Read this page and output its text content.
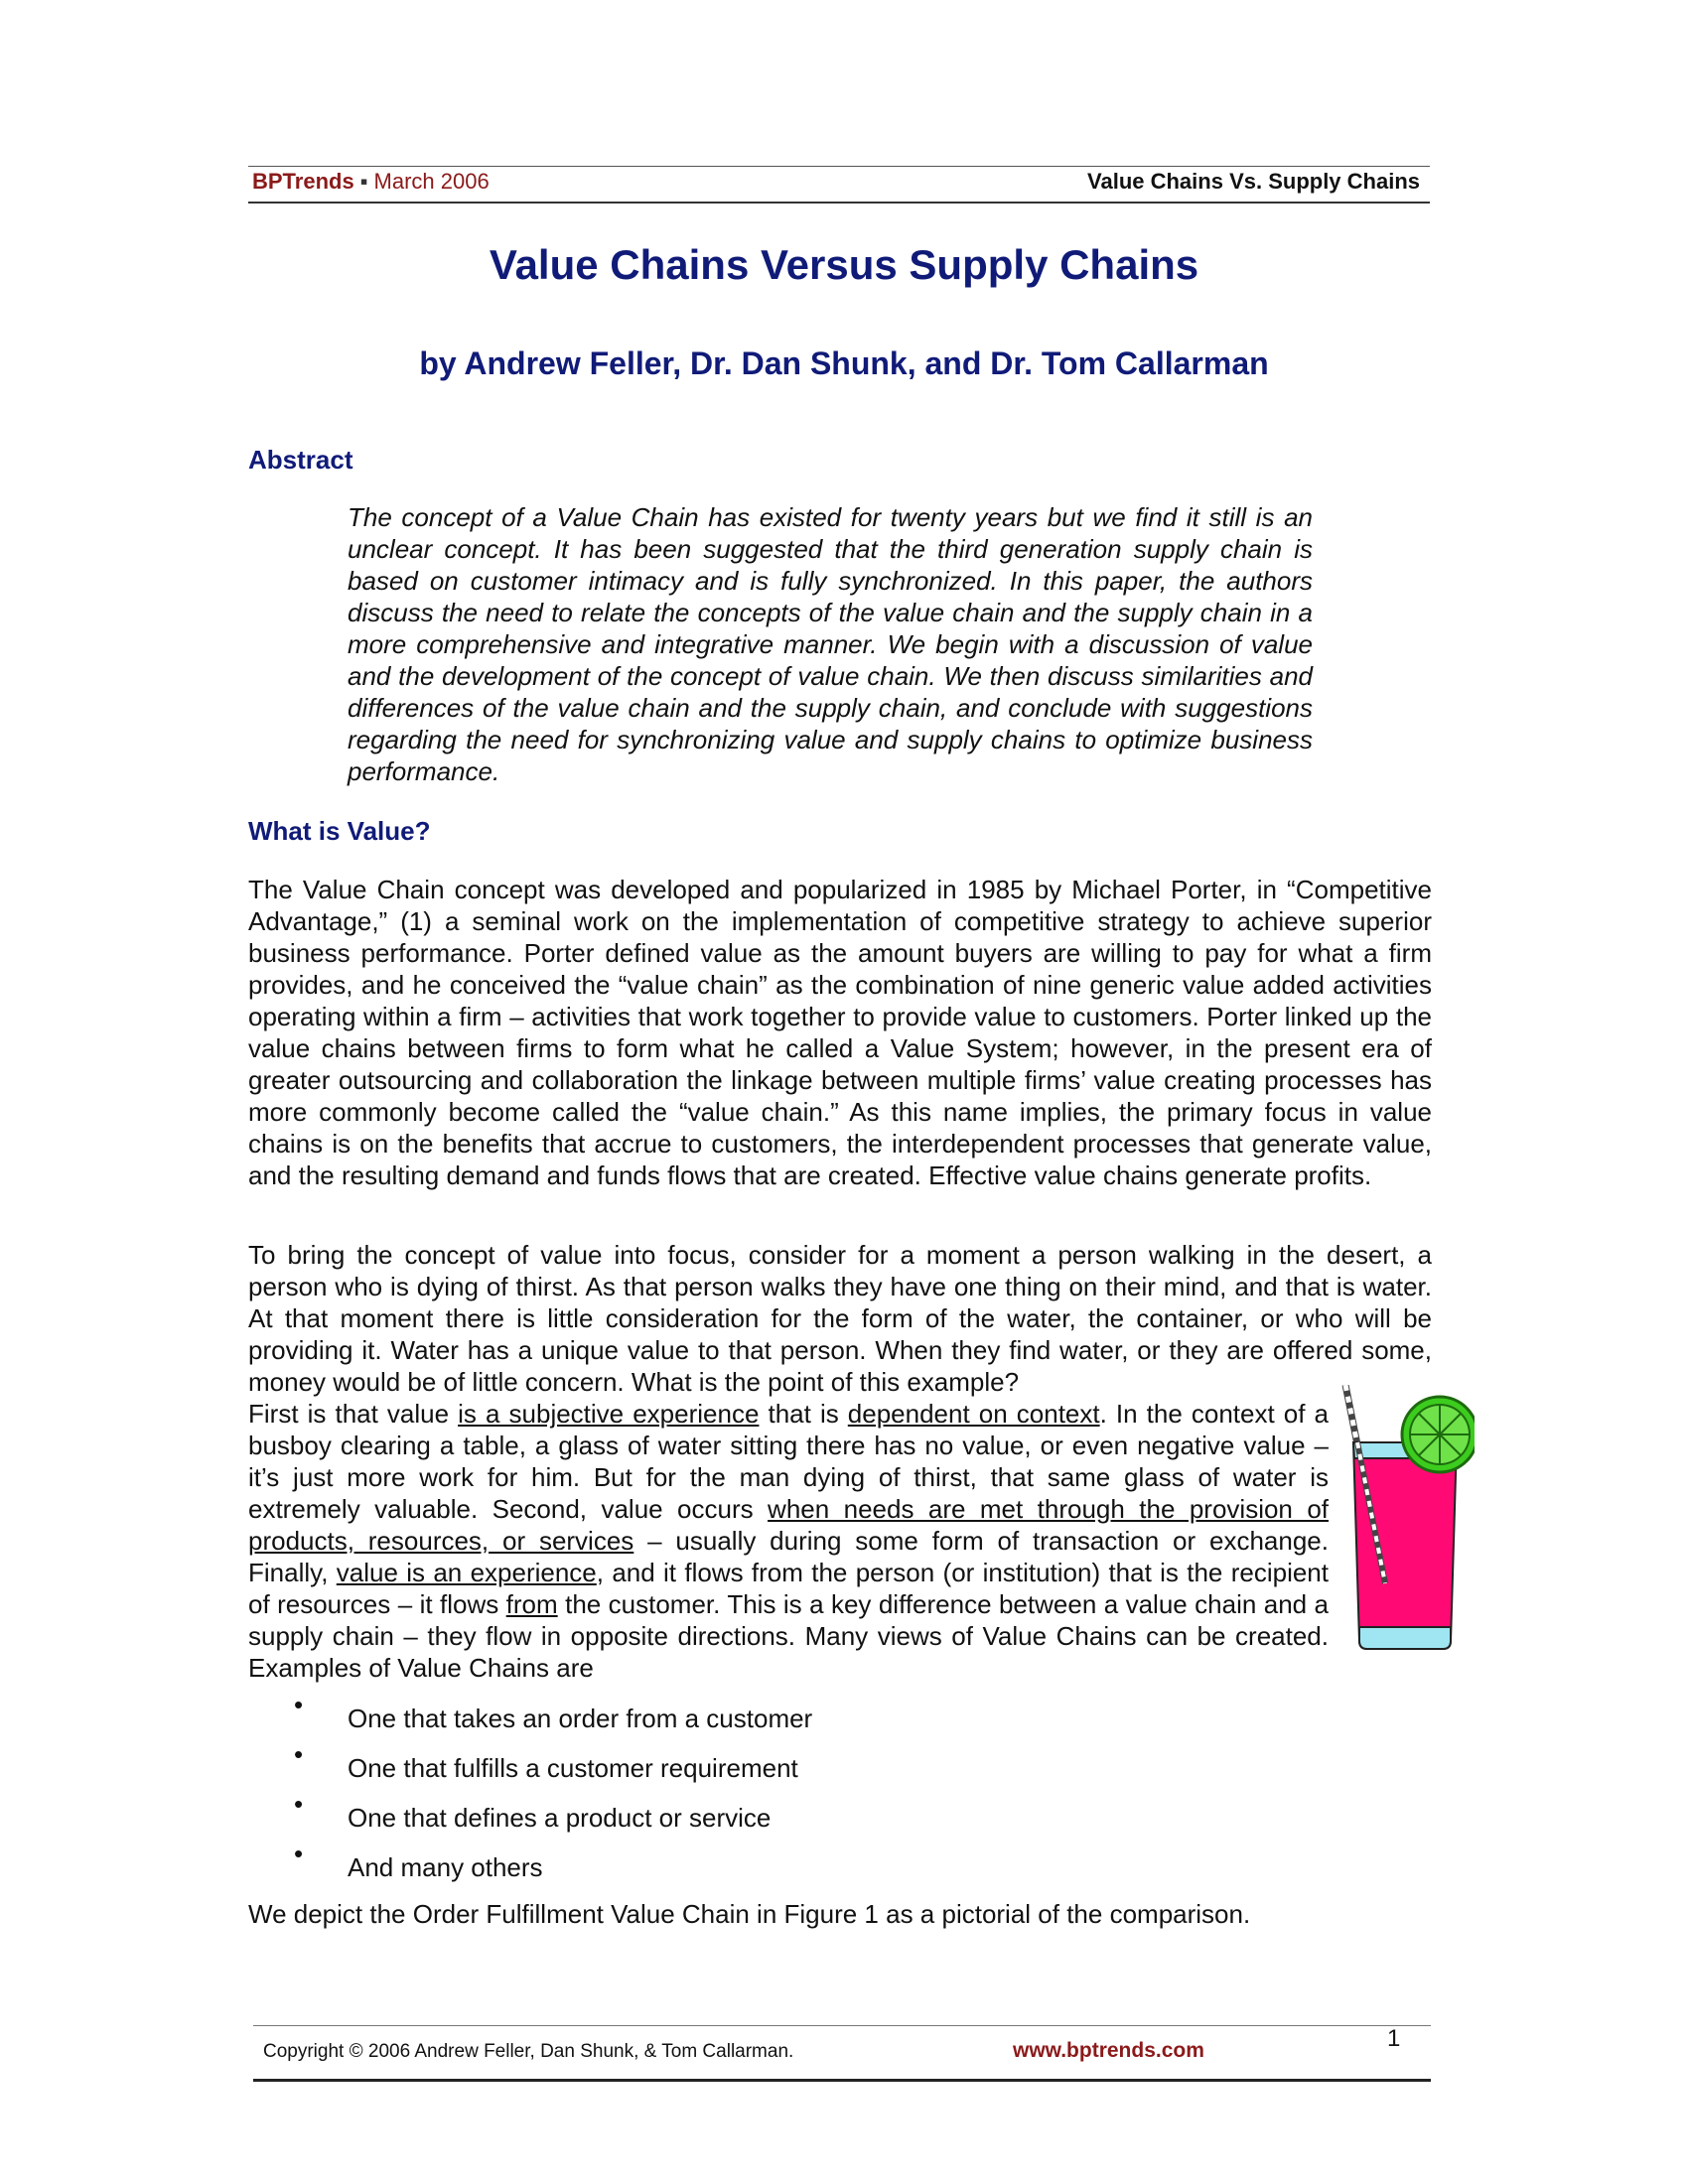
BPTrends ▪ March 2006	Value Chains Vs. Supply Chains
Value Chains Versus Supply Chains
by Andrew Feller, Dr. Dan Shunk, and Dr. Tom Callarman
Abstract
The concept of a Value Chain has existed for twenty years but we find it still is an unclear concept. It has been suggested that the third generation supply chain is based on customer intimacy and is fully synchronized. In this paper, the authors discuss the need to relate the concepts of the value chain and the supply chain in a more comprehensive and integrative manner. We begin with a discussion of value and the development of the concept of value chain. We then discuss similarities and differences of the value chain and the supply chain, and conclude with suggestions regarding the need for synchronizing value and supply chains to optimize business performance.
What is Value?
The Value Chain concept was developed and popularized in 1985 by Michael Porter, in “Competitive Advantage,” (1) a seminal work on the implementation of competitive strategy to achieve superior business performance. Porter defined value as the amount buyers are willing to pay for what a firm provides, and he conceived the “value chain” as the combination of nine generic value added activities operating within a firm – activities that work together to provide value to customers. Porter linked up the value chains between firms to form what he called a Value System; however, in the present era of greater outsourcing and collaboration the linkage between multiple firms’ value creating processes has more commonly become called the “value chain.” As this name implies, the primary focus in value chains is on the benefits that accrue to customers, the interdependent processes that generate value, and the resulting demand and funds flows that are created. Effective value chains generate profits.
To bring the concept of value into focus, consider for a moment a person walking in the desert, a person who is dying of thirst. As that person walks they have one thing on their mind, and that is water. At that moment there is little consideration for the form of the water, the container, or who will be providing it. Water has a unique value to that person. When they find water, or they are offered some, money would be of little concern. What is the point of this example?
First is that value is a subjective experience that is dependent on context. In the context of a busboy clearing a table, a glass of water sitting there has no value, or even negative value – it’s just more work for him. But for the man dying of thirst, that same glass of water is extremely valuable. Second, value occurs when needs are met through the provision of products, resources, or services – usually during some form of transaction or exchange. Finally, value is an experience, and it flows from the person (or institution) that is the recipient of resources – it flows from the customer. This is a key difference between a value chain and a supply chain – they flow in opposite directions. Many views of Value Chains can be created. Examples of Value Chains are
• One that takes an order from a customer
• One that fulfills a customer requirement
• One that defines a product or service
• And many others
We depict the Order Fulfillment Value Chain in Figure 1 as a pictorial of the comparison.
Copyright © 2006 Andrew Feller, Dan Shunk, & Tom Callarman.	www.bptrends.com	1
